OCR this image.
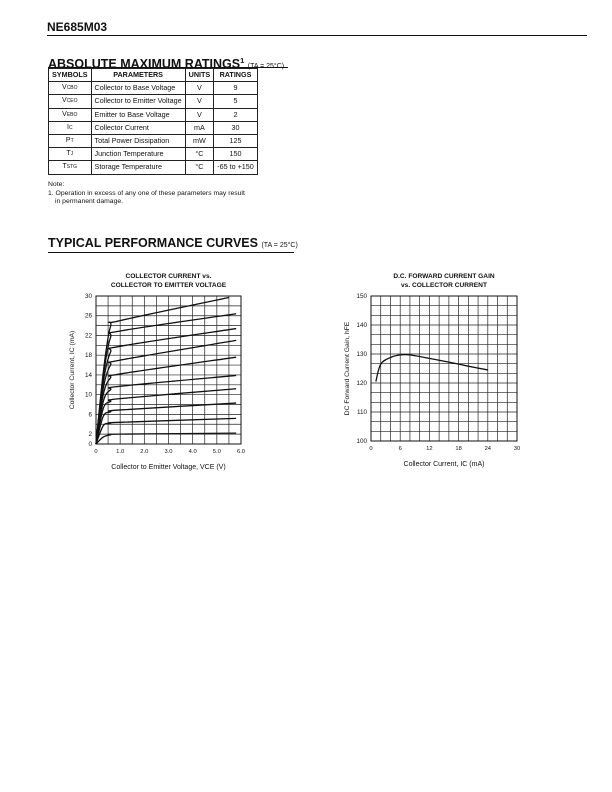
NE685M03
ABSOLUTE MAXIMUM RATINGS$^1$ (TA = 25°C)
SYMBOLS	PARAMETERS	UNITS	RATINGS
VCBO	Collector to Base Voltage	V	9
VCEO	Collector to Emitter Voltage	V	5
VEBO	Emitter to Base Voltage	V	2
IC	Collector Current	mA	30
PT	Total Power Dissipation	mW	125
TJ	Junction Temperature	°C	150
TSTG	Storage Temperature	°C	-65 to +150
Note:
1. Operation in excess of any one of these parameters may result
in permanent damage.
TYPICAL PERFORMANCE CURVES (TA = 25°C)
COLLECTOR CURRENT vs.
COLLECTOR TO EMITTER VOLTAGE
0	1.0	2.0	3.0	4.0	5.0	6.0
0
2
6
10
14
18
22
26
30
Collector to Emitter Voltage, VCE (V)
Collector Current, IC (mA)
D.C. FORWARD CURRENT GAIN
vs. COLLECTOR CURRENT
0	6	12	18	24	30
100
110
120
130
140
150
Collector Current, IC (mA)
DC Forward Current Gain, hFE
